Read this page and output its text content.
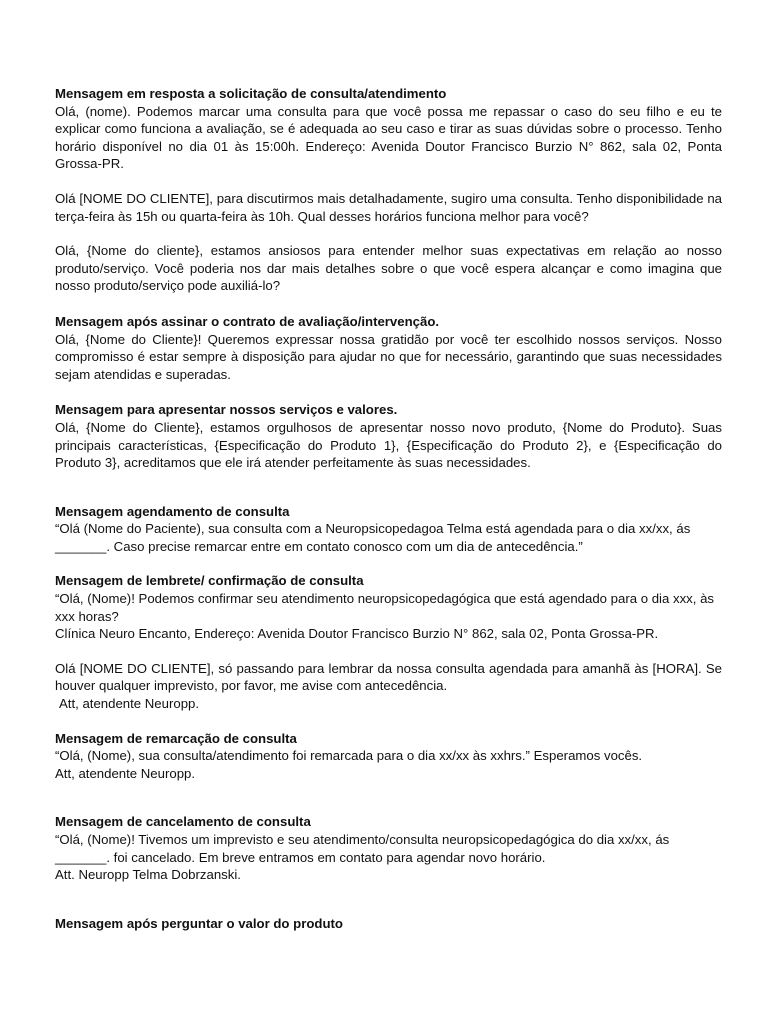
Mensagem em resposta a solicitação de consulta/atendimento
Olá, (nome). Podemos marcar uma consulta para que você possa me repassar o caso do seu filho e eu te explicar como funciona a avaliação, se é adequada ao seu caso e tirar as suas dúvidas sobre o processo. Tenho horário disponível no dia 01 às 15:00h. Endereço: Avenida Doutor Francisco Burzio N° 862, sala 02, Ponta Grossa-PR.
Olá [NOME DO CLIENTE], para discutirmos mais detalhadamente, sugiro uma consulta. Tenho disponibilidade na terça-feira às 15h ou quarta-feira às 10h. Qual desses horários funciona melhor para você?
Olá, {Nome do cliente}, estamos ansiosos para entender melhor suas expectativas em relação ao nosso produto/serviço. Você poderia nos dar mais detalhes sobre o que você espera alcançar e como imagina que nosso produto/serviço pode auxiliá-lo?
Mensagem após assinar o contrato de avaliação/intervenção.
Olá, {Nome do Cliente}! Queremos expressar nossa gratidão por você ter escolhido nossos serviços. Nosso compromisso é estar sempre à disposição para ajudar no que for necessário, garantindo que suas necessidades sejam atendidas e superadas.
Mensagem para apresentar nossos serviços e valores.
Olá, {Nome do Cliente}, estamos orgulhosos de apresentar nosso novo produto, {Nome do Produto}. Suas principais características, {Especificação do Produto 1}, {Especificação do Produto 2}, e {Especificação do Produto 3}, acreditamos que ele irá atender perfeitamente às suas necessidades.
Mensagem agendamento de consulta
“Olá (Nome do Paciente), sua consulta com a Neuropsicopedagoa Telma está agendada para o dia xx/xx, ás _______. Caso precise remarcar entre em contato conosco com um dia de antecedência.”
Mensagem de lembrete/ confirmação de consulta
“Olá, (Nome)! Podemos confirmar seu atendimento neuropsicopedagógica que está agendado para o dia xxx, às xxx horas?
Clínica Neuro Encanto, Endereço: Avenida Doutor Francisco Burzio N° 862, sala 02, Ponta Grossa-PR.
Olá [NOME DO CLIENTE], só passando para lembrar da nossa consulta agendada para amanhã às [HORA]. Se houver qualquer imprevisto, por favor, me avise com antecedência.
Att, atendente Neuropp.
Mensagem de remarcação de consulta
“Olá, (Nome), sua consulta/atendimento foi remarcada para o dia xx/xx às xxhrs.” Esperamos vocês.
Att, atendente Neuropp.
Mensagem de cancelamento de consulta
“Olá, (Nome)! Tivemos um imprevisto e seu atendimento/consulta neuropsicopedagógica do dia xx/xx, ás _______. foi cancelado. Em breve entramos em contato para agendar novo horário.
Att. Neuropp Telma Dobrzanski.
Mensagem após perguntar o valor do produto
